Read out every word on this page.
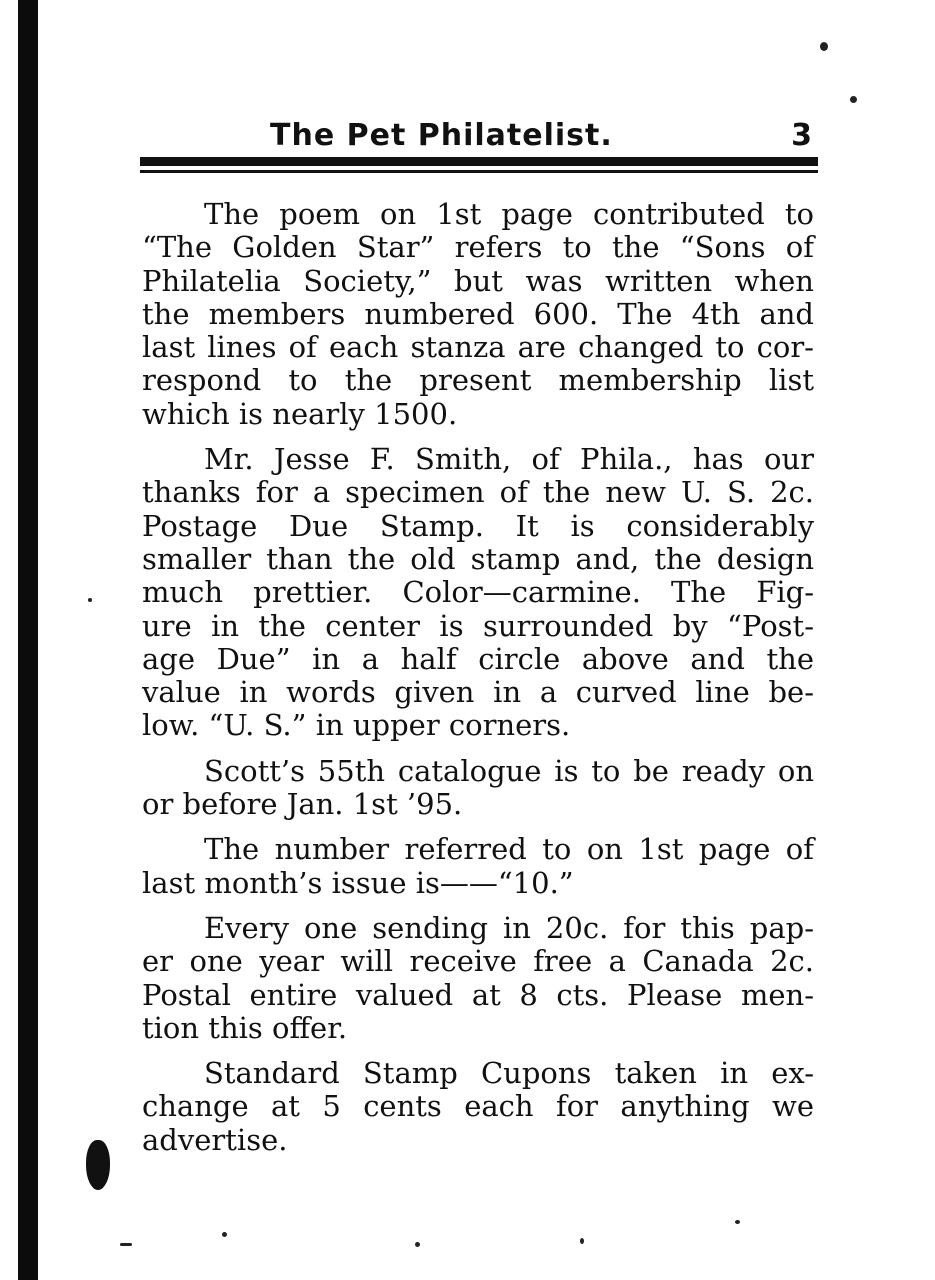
The Pet Philatelist.	3

The poem on 1st page contributed to
“The Golden Star” refers to the “Sons of
Philatelia Society,” but was written when
the members numbered 600. The 4th and
last lines of each stanza are changed to cor-
respond to the present membership list
which is nearly 1500.

Mr. Jesse F. Smith, of Phila., has our
thanks for a specimen of the new U. S. 2c.
Postage Due Stamp. It is considerably
smaller than the old stamp and, the design
much prettier. Color—carmine. The Fig-
ure in the center is surrounded by “Post-
age Due” in a half circle above and the
value in words given in a curved line be-
low. “U. S.” in upper corners.

Scott’s 55th catalogue is to be ready on
or before Jan. 1st ’95.

The number referred to on 1st page of
last month’s issue is——“10.”

Every one sending in 20c. for this pap-
er one year will receive free a Canada 2c.
Postal entire valued at 8 cts. Please men-
tion this offer.

Standard Stamp Cupons taken in ex-
change at 5 cents each for anything we
advertise.
